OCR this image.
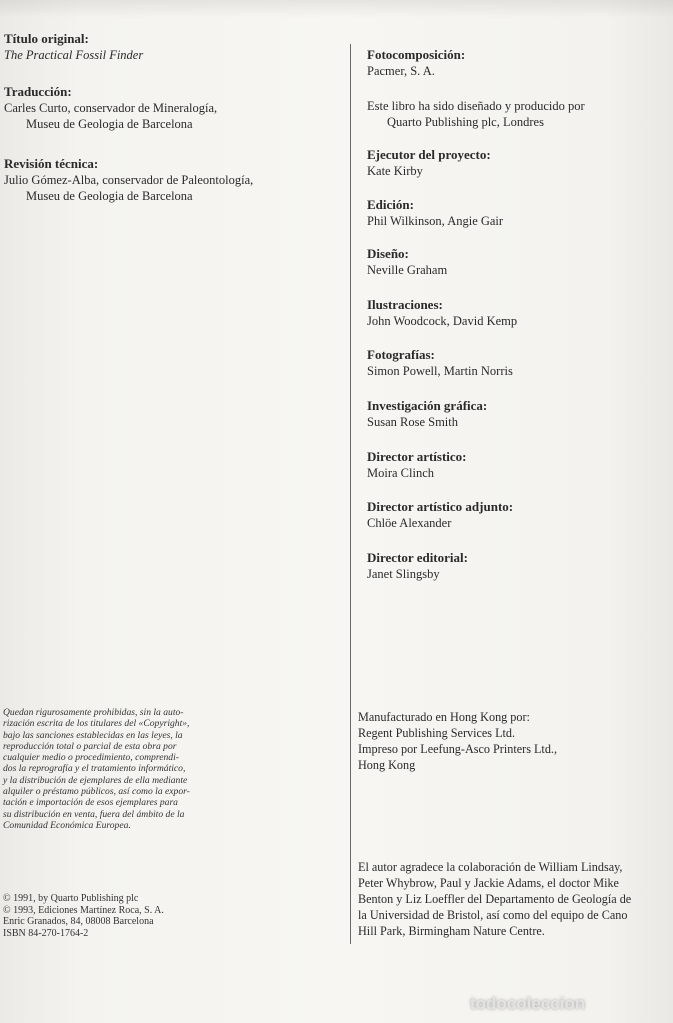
Título original:
The Practical Fossil Finder
Traducción:
Carles Curto, conservador de Mineralogía,
Museu de Geologia de Barcelona
Revisión técnica:
Julio Gómez-Alba, conservador de Paleontología,
Museu de Geologia de Barcelona
Quedan rigurosamente prohibidas, sin la auto-
rización escrita de los titulares del «Copyright»,
bajo las sanciones establecidas en las leyes, la
reproducción total o parcial de esta obra por
cualquier medio o procedimiento, comprendi-
dos la reprografía y el tratamiento informático,
y la distribución de ejemplares de ella mediante
alquiler o préstamo públicos, así como la expor-
tación e importación de esos ejemplares para
su distribución en venta, fuera del ámbito de la
Comunidad Económica Europea.
© 1991, by Quarto Publishing plc
© 1993, Ediciones Martínez Roca, S. A.
Enric Granados, 84, 08008 Barcelona
ISBN 84-270-1764-2
Fotocomposición:
Pacmer, S. A.
Este libro ha sido diseñado y producido por
Quarto Publishing plc, Londres
Ejecutor del proyecto:
Kate Kirby
Edición:
Phil Wilkinson, Angie Gair
Diseño:
Neville Graham
Ilustraciones:
John Woodcock, David Kemp
Fotografías:
Simon Powell, Martin Norris
Investigación gráfica:
Susan Rose Smith
Director artístico:
Moira Clinch
Director artístico adjunto:
Chlöe Alexander
Director editorial:
Janet Slingsby
Manufacturado en Hong Kong por:
Regent Publishing Services Ltd.
Impreso por Leefung-Asco Printers Ltd.,
Hong Kong
El autor agradece la colaboración de William Lindsay,
Peter Whybrow, Paul y Jackie Adams, el doctor Mike
Benton y Liz Loeffler del Departamento de Geología de
la Universidad de Bristol, así como del equipo de Cano
Hill Park, Birmingham Nature Centre.
todocoleccion
